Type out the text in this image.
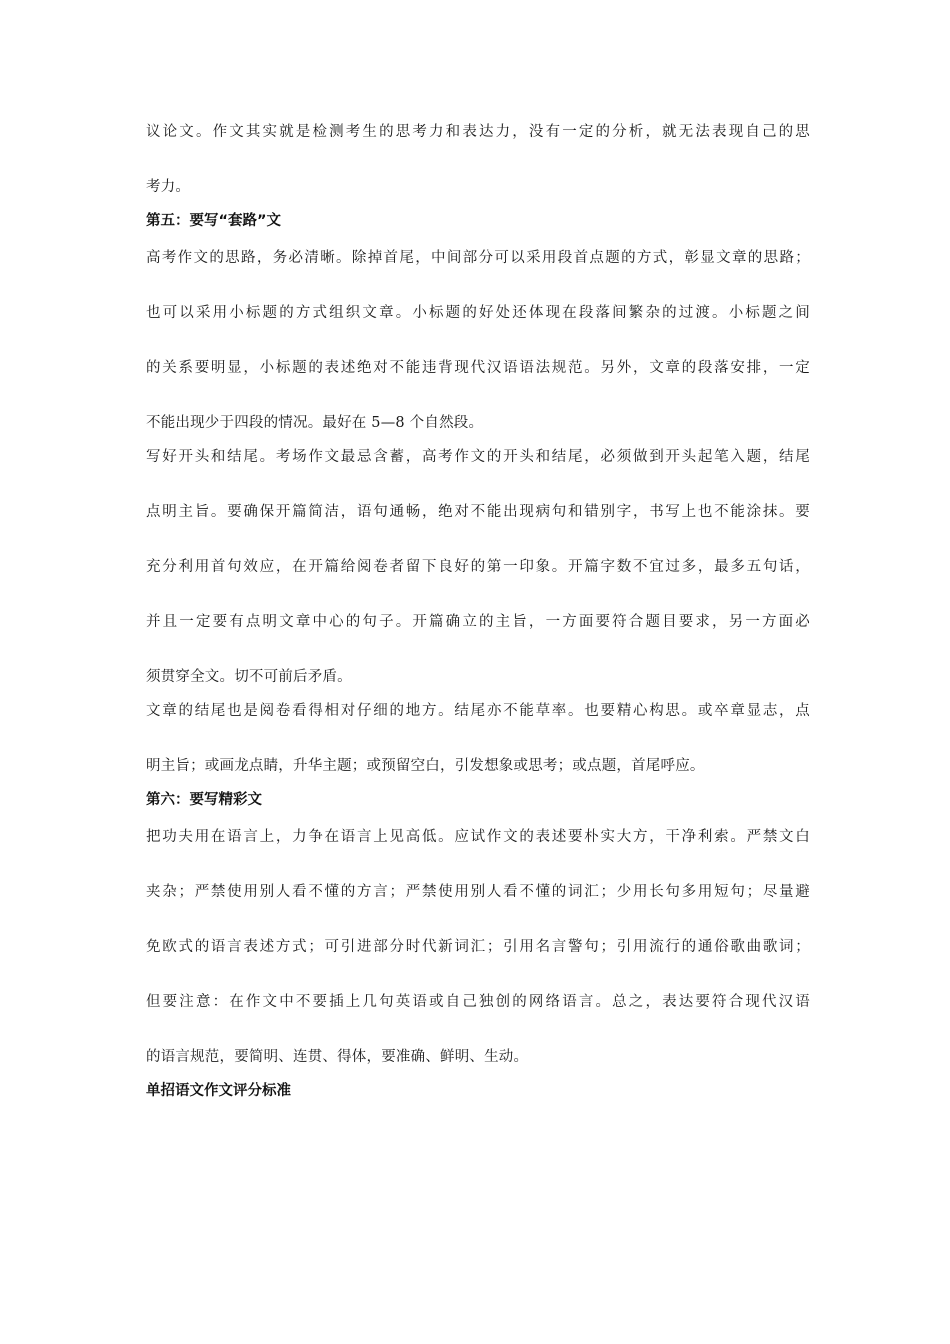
议论文。作文其实就是检测考生的思考力和表达力，没有一定的分析，就无法表现自己的思
考力。
第五：要写“套路”文
高考作文的思路，务必清晰。除掉首尾，中间部分可以采用段首点题的方式，彰显文章的思路；
也可以采用小标题的方式组织文章。小标题的好处还体现在段落间繁杂的过渡。小标题之间
的关系要明显，小标题的表述绝对不能违背现代汉语语法规范。另外，文章的段落安排，一定
不能出现少于四段的情况。最好在 5—8 个自然段。
写好开头和结尾。考场作文最忌含蓄，高考作文的开头和结尾，必须做到开头起笔入题，结尾
点明主旨。要确保开篇简洁，语句通畅，绝对不能出现病句和错别字，书写上也不能涂抹。要
充分利用首句效应，在开篇给阅卷者留下良好的第一印象。开篇字数不宜过多，最多五句话，
并且一定要有点明文章中心的句子。开篇确立的主旨，一方面要符合题目要求，另一方面必
须贯穿全文。切不可前后矛盾。
文章的结尾也是阅卷看得相对仔细的地方。结尾亦不能草率。也要精心构思。或卒章显志，点
明主旨；或画龙点睛，升华主题；或预留空白，引发想象或思考；或点题，首尾呼应。
第六：要写精彩文
把功夫用在语言上，力争在语言上见高低。应试作文的表述要朴实大方，干净利索。严禁文白
夹杂；严禁使用别人看不懂的方言；严禁使用别人看不懂的词汇；少用长句多用短句；尽量避
免欧式的语言表述方式；可引进部分时代新词汇；引用名言警句；引用流行的通俗歌曲歌词；
但要注意：在作文中不要插上几句英语或自己独创的网络语言。总之，表达要符合现代汉语
的语言规范，要简明、连贯、得体，要准确、鲜明、生动。
单招语文作文评分标准
